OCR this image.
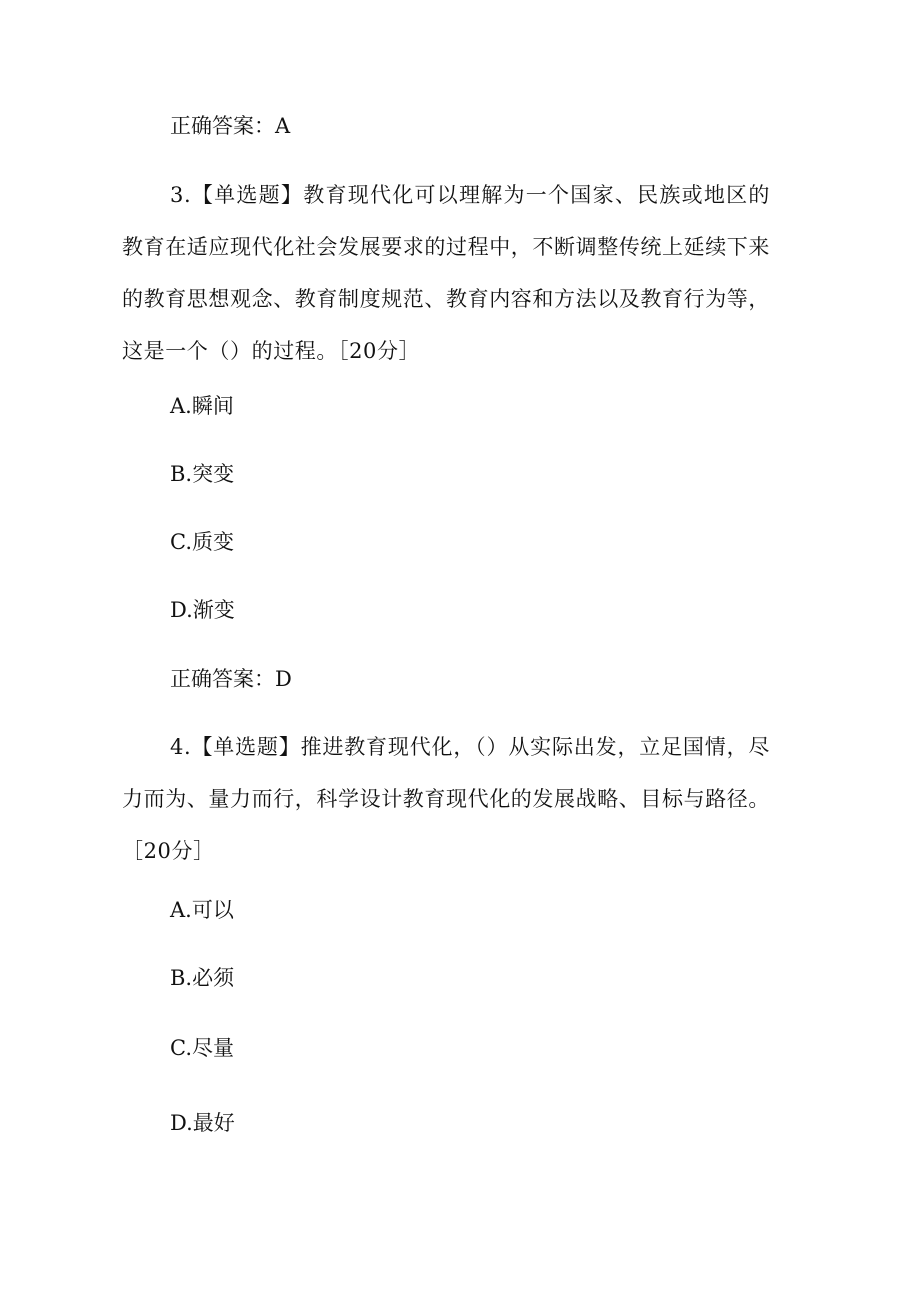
正确答案：A
3.【单选题】教育现代化可以理解为一个国家、民族或地区的教育在适应现代化社会发展要求的过程中，不断调整传统上延续下来的教育思想观念、教育制度规范、教育内容和方法以及教育行为等，这是一个（）的过程。［20分］
A.瞬间
B.突变
C.质变
D.渐变
正确答案：D
4.【单选题】推进教育现代化，（）从实际出发，立足国情，尽力而为、量力而行，科学设计教育现代化的发展战略、目标与路径。［20分］
A.可以
B.必须
C.尽量
D.最好
